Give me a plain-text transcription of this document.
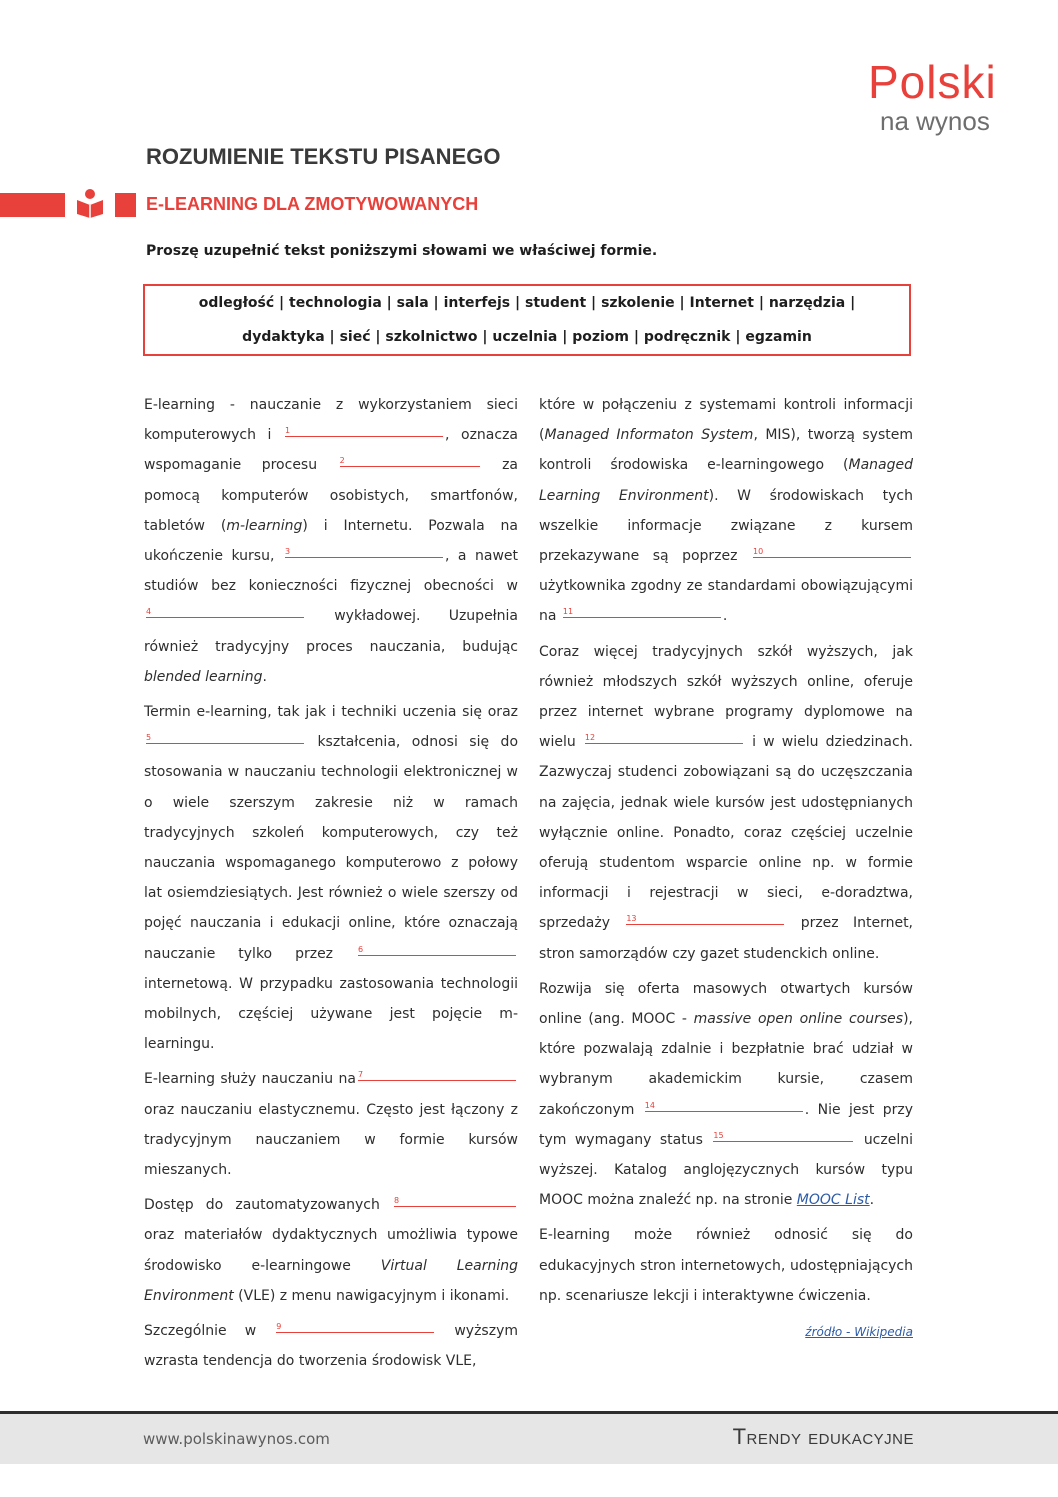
Polski
na wynos
ROZUMIENIE TEKSTU PISANEGO
E-LEARNING DLA ZMOTYWOWANYCH

Proszę uzupełnić tekst poniższymi słowami we właściwej formie.

odległość | technologia | sala | interfejs | student | szkolenie | Internet | narzędzia |
dydaktyka | sieć | szkolnictwo | uczelnia | poziom | podręcznik | egzamin

E-learning - nauczanie z wykorzystaniem sieci komputerowych i $^1$	, oznacza wspomaganie procesu	$^2$	za pomocą komputerów osobistych, smartfonów, tabletów (m-learning) i Internetu. Pozwala na ukończenie kursu, $^3$	, a nawet studiów bez konieczności fizycznej obecności w $^4$	wykładowej. Uzupełnia również tradycyjny proces nauczania, budując blended learning.

Termin e-learning, tak jak i techniki uczenia się oraz $^5$	kształcenia, odnosi się do stosowania w nauczaniu technologii elektronicznej w o wiele szerszym zakresie niż w ramach tradycyjnych szkoleń komputerowych, czy też nauczania wspomaganego komputerowo z połowy lat osiemdziesiątych. Jest również o wiele szerszy od pojęć nauczania i edukacji online, które oznaczają nauczanie tylko przez	$^6$ internetową. W przypadku zastosowania technologii mobilnych, częściej używane jest pojęcie m-learningu.

E-learning służy nauczaniu na $^7$ oraz nauczaniu elastycznemu. Często jest łączony z tradycyjnym nauczaniem w formie kursów mieszanych.

Dostęp do zautomatyzowanych $^8$ oraz materiałów dydaktycznych umożliwia typowe środowisko e-learningowe Virtual Learning Environment (VLE) z menu nawigacyjnym i ikonami.

Szczególnie w	$^9$	wyższym wzrasta tendencja do tworzenia środowisk VLE,

które w połączeniu z systemami kontroli informacji (Managed Informaton System, MIS), tworzą system kontroli środowiska e-learningowego (Managed Learning Environment). W środowiskach tych wszelkie informacje związane z kursem przekazywane są poprzez $^{10}$ użytkownika zgodny ze standardami obowiązującymi na $^{11}$	.

Coraz więcej tradycyjnych szkół wyższych, jak również młodszych szkół wyższych online, oferuje przez internet wybrane programy dyplomowe na wielu $^{12}$	i w wielu dziedzinach. Zazwyczaj studenci zobowiązani są do uczęszczania na zajęcia, jednak wiele kursów jest udostępnianych wyłącznie online. Ponadto, coraz częściej uczelnie oferują studentom wsparcie online np. w formie informacji i rejestracji w sieci, e-doradztwa, sprzedaży $^{13}$	przez Internet, stron samorządów czy gazet studenckich online.

Rozwija się oferta masowych otwartych kursów online (ang. MOOC - massive open online courses), które pozwalają zdalnie i bezpłatnie brać udział w wybranym akademickim kursie, czasem zakończonym $^{14}$	. Nie jest przy tym wymagany status $^{15}$	uczelni wyższej. Katalog anglojęzycznych kursów typu MOOC można znaleźć np. na stronie MOOC List.

E-learning może również odnosić się do edukacyjnych stron internetowych, udostępniających np. scenariusze lekcji i interaktywne ćwiczenia.

źródło - Wikipedia
www.polskinawynos.com	Trendy edukacyjne
